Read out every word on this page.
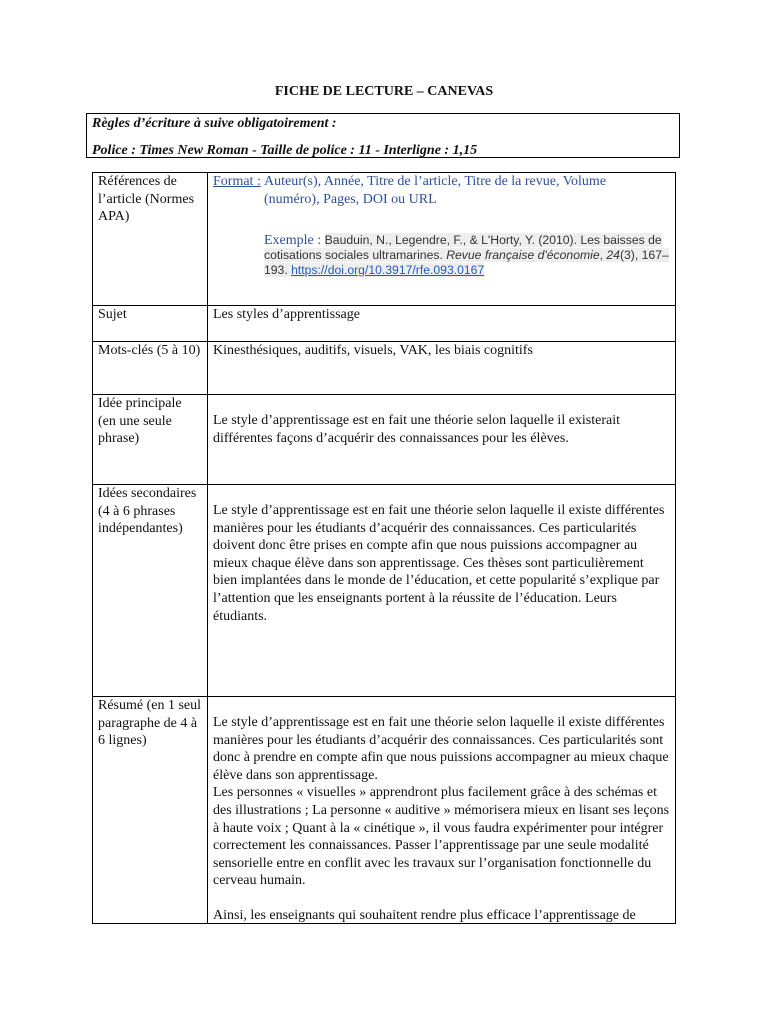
FICHE DE LECTURE – CANEVAS
Règles d’écriture à suive obligatoirement :
Police : Times New Roman - Taille de police : 11 - Interligne : 1,15
Références de l’article (Normes APA)	Format : Auteur(s), Année, Titre de l’article, Titre de la revue, Volume (numéro), Pages, DOI ou URL
Exemple : Bauduin, N., Legendre, F., & L'Horty, Y. (2010). Les baisses de cotisations sociales ultramarines. Revue française d'économie, 24(3), 167–193. https://doi.org/10.3917/rfe.093.0167

Sujet	Les styles d’apprentissage
Mots-clés (5 à 10)	Kinesthésiques, auditifs, visuels, VAK, les biais cognitifs
Idée principale (en une seule phrase)	Le style d’apprentissage est en fait une théorie selon laquelle il existerait différentes façons d’acquérir des connaissances pour les élèves.

Idées secondaires (4 à 6 phrases indépendantes)	Le style d’apprentissage est en fait une théorie selon laquelle il existe différentes manières pour les étudiants d’acquérir des connaissances. Ces particularités doivent donc être prises en compte afin que nous puissions accompagner au mieux chaque élève dans son apprentissage. Ces thèses sont particulièrement bien implantées dans le monde de l’éducation, et cette popularité s’explique par l’attention que les enseignants portent à la réussite de l’éducation. Leurs étudiants.

Résumé (en 1 seul paragraphe de 4 à 6 lignes)	Le style d’apprentissage est en fait une théorie selon laquelle il existe différentes manières pour les étudiants d’acquérir des connaissances. Ces particularités sont donc à prendre en compte afin que nous puissions accompagner au mieux chaque élève dans son apprentissage.
Les personnes « visuelles » apprendront plus facilement grâce à des schémas et des illustrations ; La personne « auditive » mémorisera mieux en lisant ses leçons à haute voix ; Quant à la « cinétique », il vous faudra expérimenter pour intégrer correctement les connaissances. Passer l’apprentissage par une seule modalité sensorielle entre en conflit avec les travaux sur l’organisation fonctionnelle du cerveau humain.
Ainsi, les enseignants qui souhaitent rendre plus efficace l’apprentissage de
